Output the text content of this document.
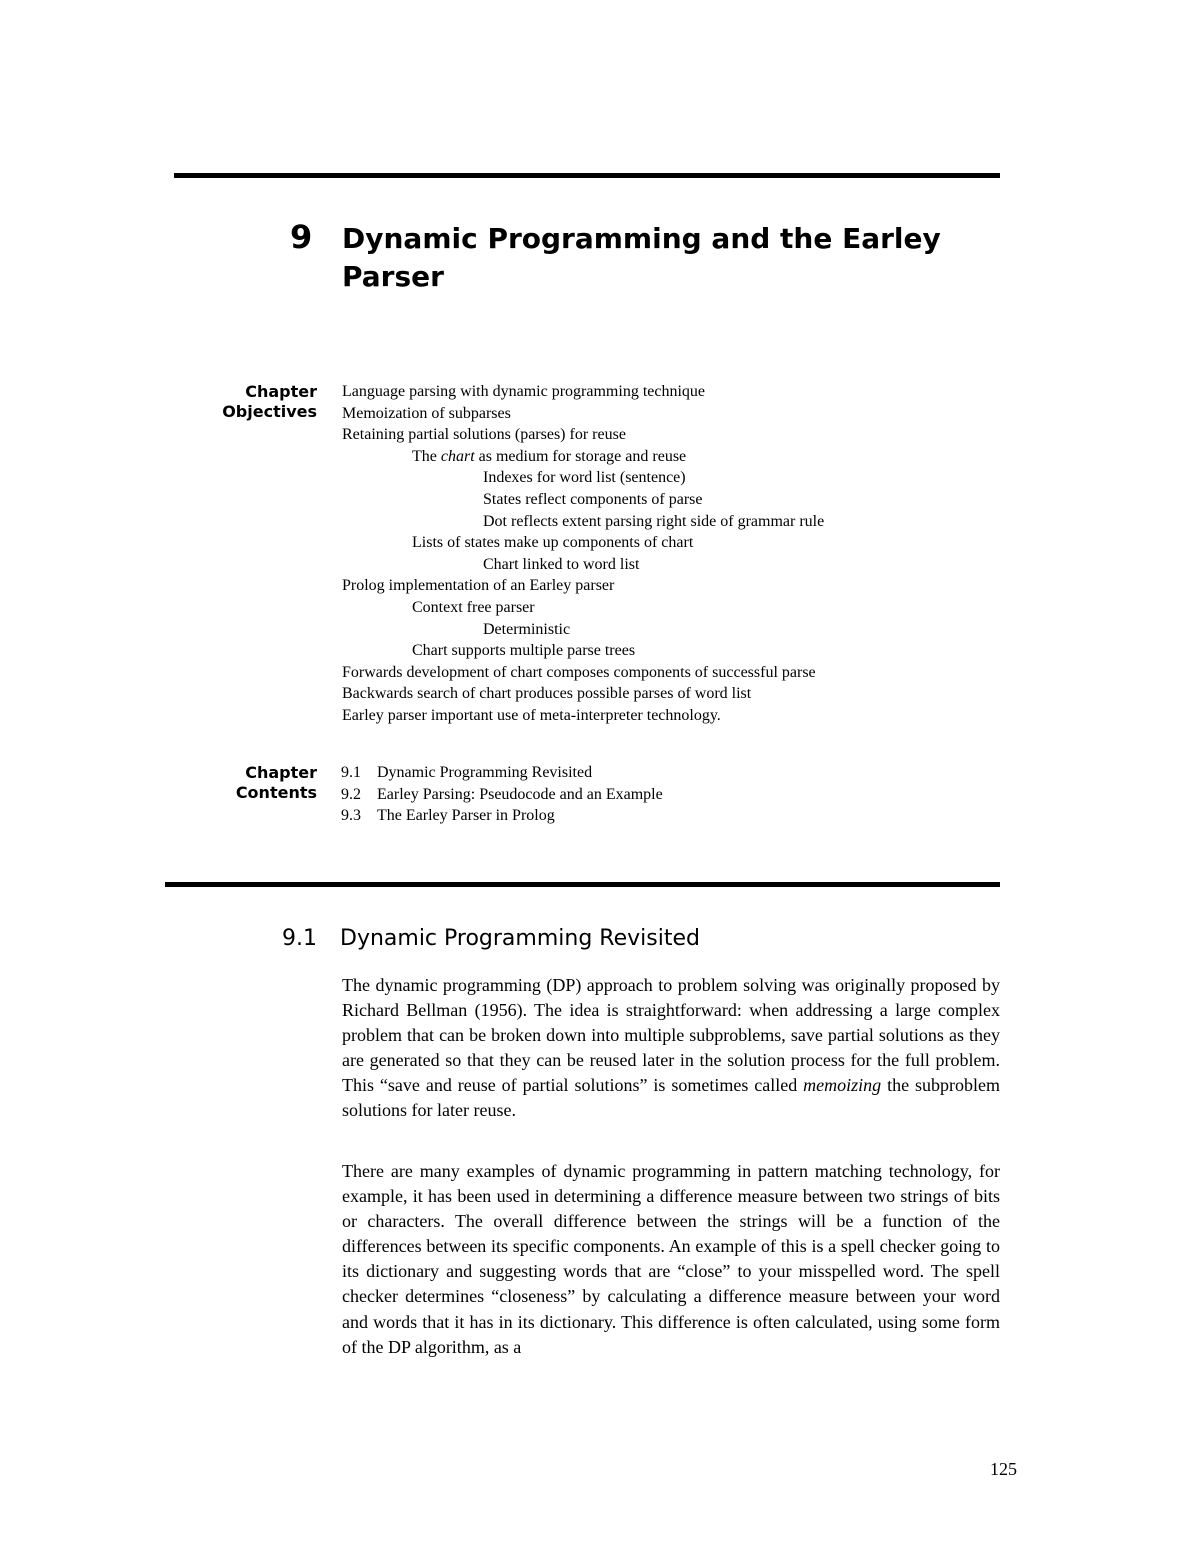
9 Dynamic Programming and the Earley Parser
Chapter
Objectives
Language parsing with dynamic programming technique
Memoization of subparses
Retaining partial solutions (parses) for reuse
The chart as medium for storage and reuse
Indexes for word list (sentence)
States reflect components of parse
Dot reflects extent parsing right side of grammar rule
Lists of states make up components of chart
Chart linked to word list
Prolog implementation of an Earley parser
Context free parser
Deterministic
Chart supports multiple parse trees
Forwards development of chart composes components of successful parse
Backwards search of chart produces possible parses of word list
Earley parser important use of meta-interpreter technology.
Chapter
Contents
9.1 Dynamic Programming Revisited
9.2 Earley Parsing: Pseudocode and an Example
9.3 The Earley Parser in Prolog
9.1 Dynamic Programming Revisited

The dynamic programming (DP) approach to problem solving was originally proposed by Richard Bellman (1956). The idea is straightforward: when addressing a large complex problem that can be broken down into multiple subproblems, save partial solutions as they are generated so that they can be reused later in the solution process for the full problem. This “save and reuse of partial solutions” is sometimes called memoizing the subproblem solutions for later reuse.

There are many examples of dynamic programming in pattern matching technology, for example, it has been used in determining a difference measure between two strings of bits or characters. The overall difference between the strings will be a function of the differences between its specific components. An example of this is a spell checker going to its dictionary and suggesting words that are “close” to your misspelled word. The spell checker determines “closeness” by calculating a difference measure between your word and words that it has in its dictionary. This difference is often calculated, using some form of the DP algorithm, as a

125
